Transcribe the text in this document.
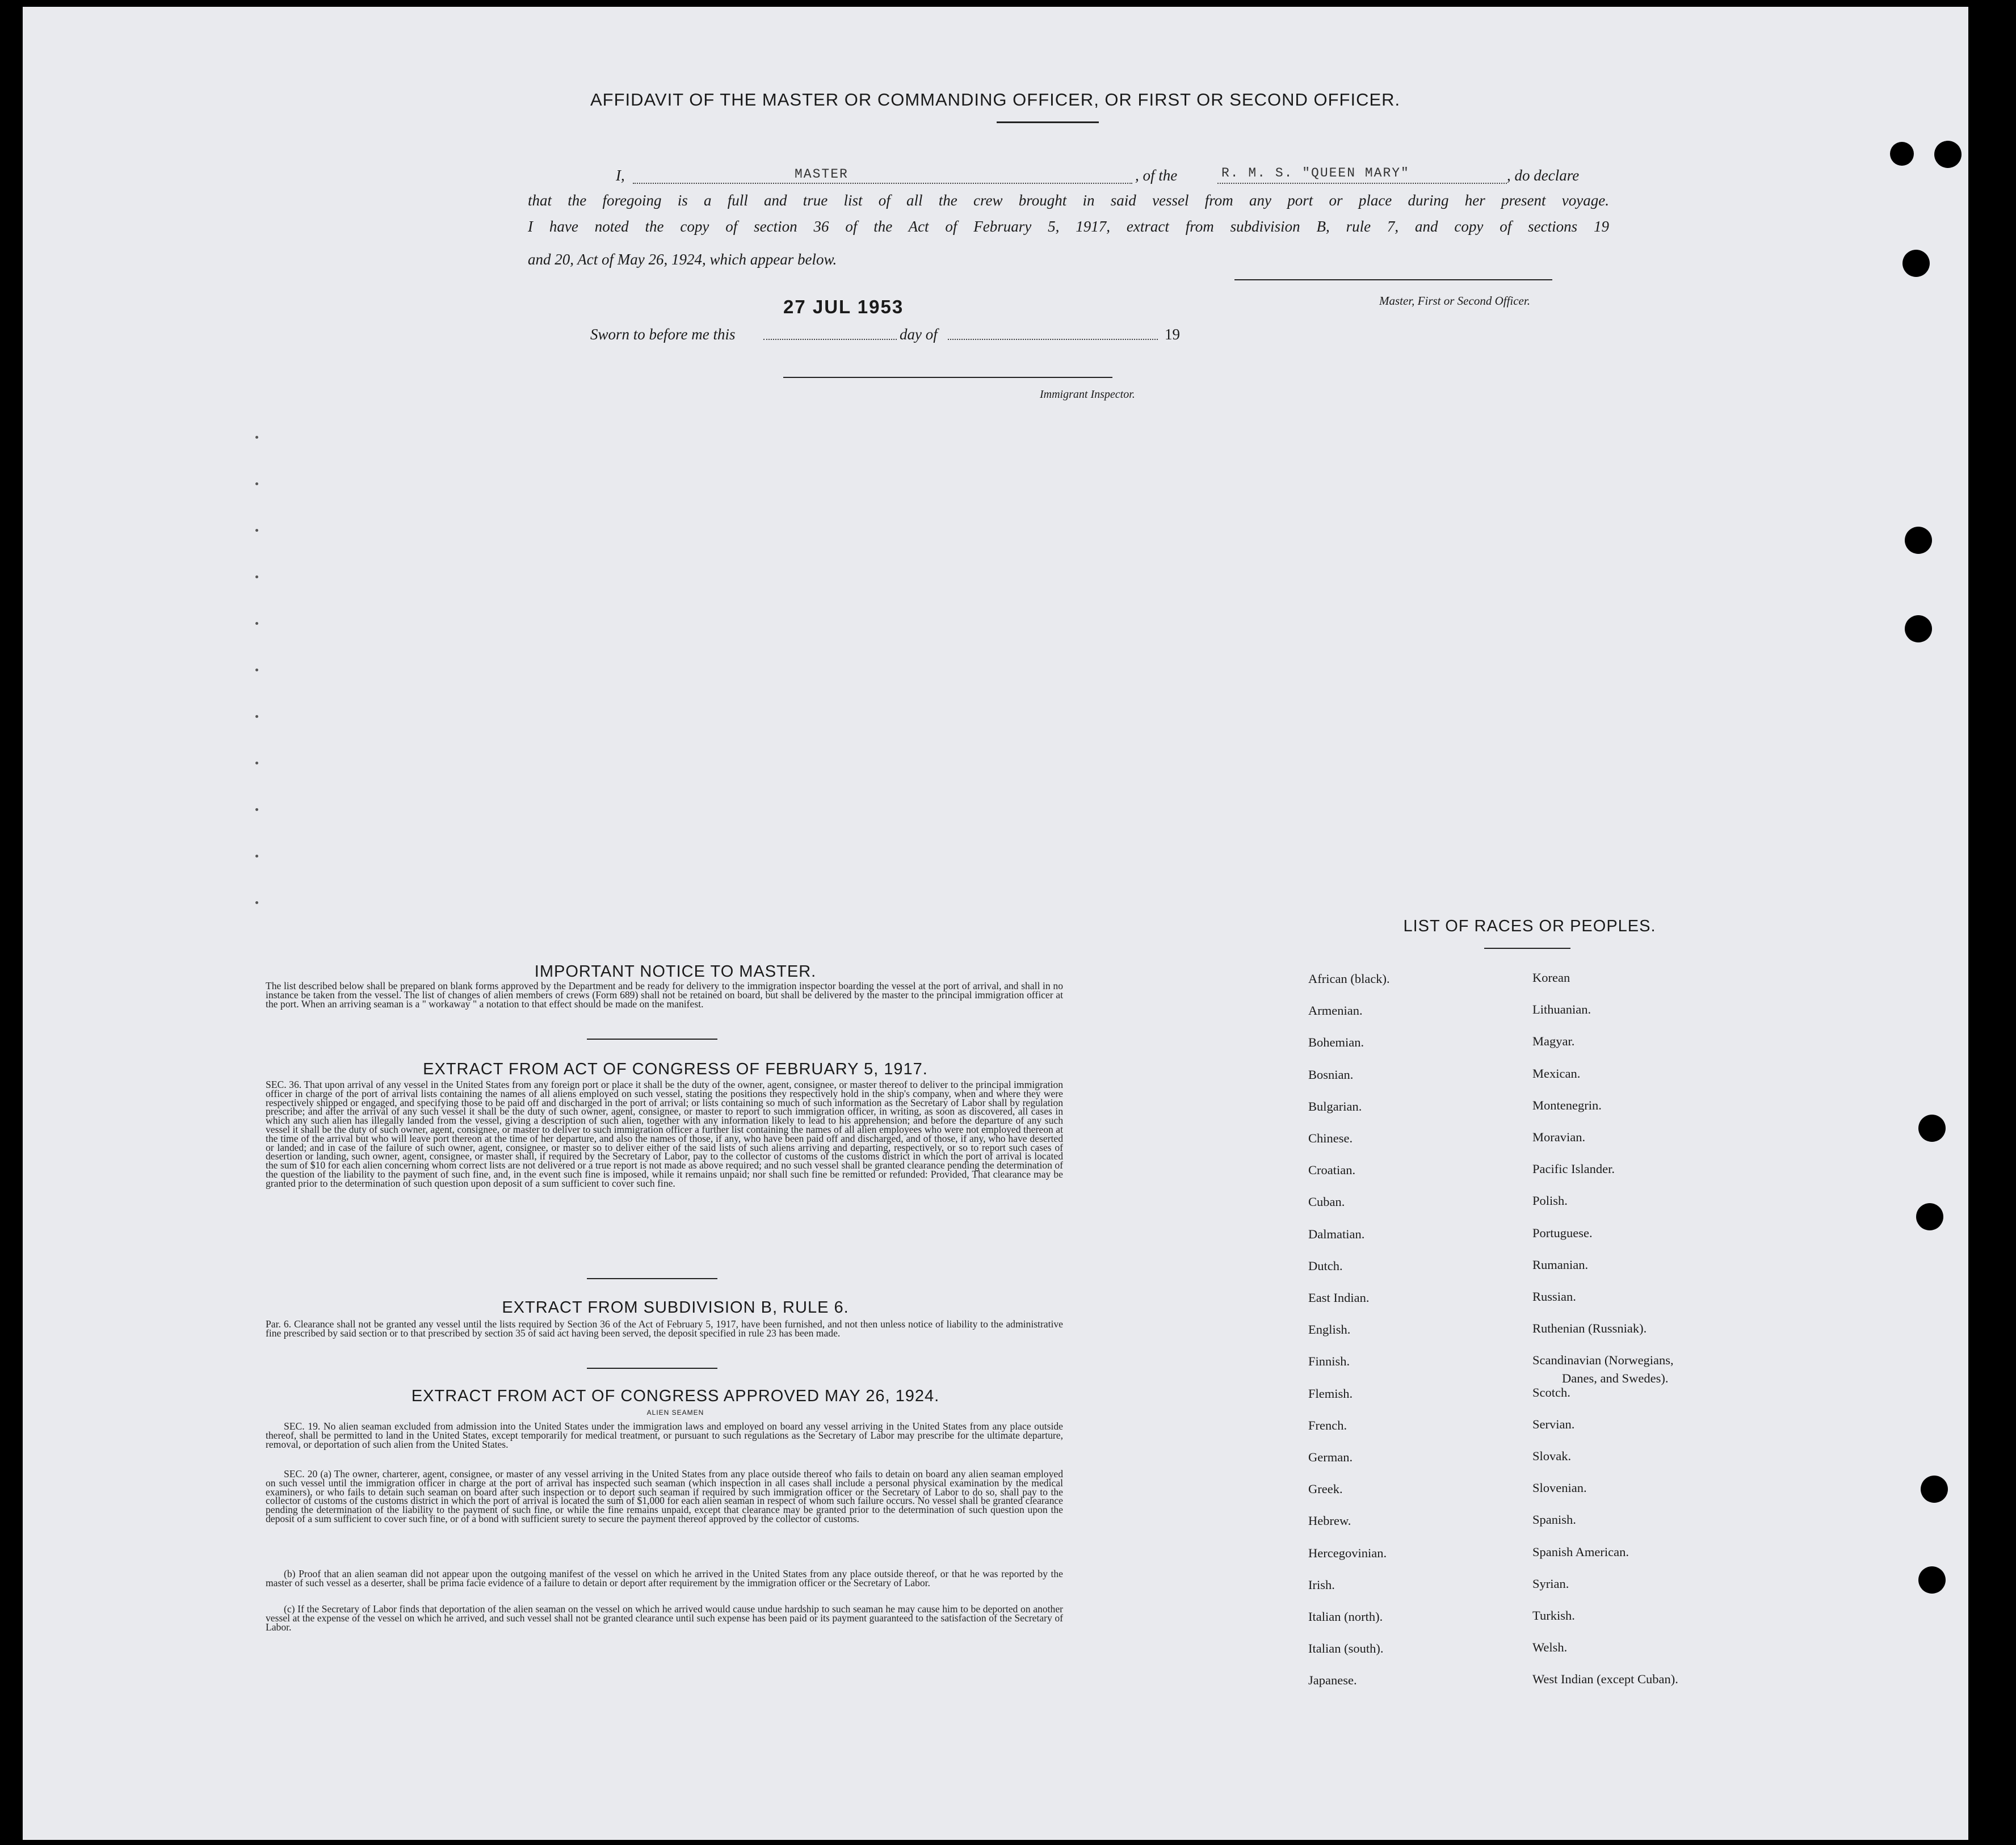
AFFIDAVIT OF THE MASTER OR COMMANDING OFFICER, OR FIRST OR SECOND OFFICER.
I,	MASTER	, of the	R. M. S. "QUEEN MARY"	, do declare
that the foregoing is a full and true list of all the crew brought in said vessel from any port or place during her present voyage.
I have noted the copy of section 36 of the Act of February 5, 1917, extract from subdivision B, rule 7, and copy of sections 19
and 20, Act of May 26, 1924, which appear below.
Master, First or Second Officer.
27 JUL 1953
Sworn to before me this	day of	19
Immigrant Inspector.
IMPORTANT NOTICE TO MASTER.
The list described below shall be prepared on blank forms approved by the Department and be ready for delivery to the immigration inspector boarding the vessel at the port of arrival, and shall in no instance be taken from the vessel. The list of changes of alien members of crews (Form 689) shall not be retained on board, but shall be delivered by the master to the principal immigration officer at the port. When an arriving seaman is a " workaway " a notation to that effect should be made on the manifest.
EXTRACT FROM ACT OF CONGRESS OF FEBRUARY 5, 1917.
SEC. 36. That upon arrival of any vessel in the United States from any foreign port or place it shall be the duty of the owner, agent, consignee, or master thereof to deliver to the principal immigration officer in charge of the port of arrival lists containing the names of all aliens employed on such vessel, stating the positions they respectively hold in the ship's company, when and where they were respectively shipped or engaged, and specifying those to be paid off and discharged in the port of arrival; or lists containing so much of such information as the Secretary of Labor shall by regulation prescribe; and after the arrival of any such vessel it shall be the duty of such owner, agent, consignee, or master to report to such immigration officer, in writing, as soon as discovered, all cases in which any such alien has illegally landed from the vessel, giving a description of such alien, together with any information likely to lead to his apprehension; and before the departure of any such vessel it shall be the duty of such owner, agent, consignee, or master to deliver to such immigration officer a further list containing the names of all alien employees who were not employed thereon at the time of the arrival but who will leave port thereon at the time of her departure, and also the names of those, if any, who have been paid off and discharged, and of those, if any, who have deserted or landed; and in case of the failure of such owner, agent, consignee, or master so to deliver either of the said lists of such aliens arriving and departing, respectively, or so to report such cases of desertion or landing, such owner, agent, consignee, or master shall, if required by the Secretary of Labor, pay to the collector of customs of the customs district in which the port of arrival is located the sum of $10 for each alien concerning whom correct lists are not delivered or a true report is not made as above required; and no such vessel shall be granted clearance pending the determination of the question of the liability to the payment of such fine, and, in the event such fine is imposed, while it remains unpaid; nor shall such fine be remitted or refunded: Provided, That clearance may be granted prior to the determination of such question upon deposit of a sum sufficient to cover such fine.
EXTRACT FROM SUBDIVISION B, RULE 6.
Par. 6. Clearance shall not be granted any vessel until the lists required by Section 36 of the Act of February 5, 1917, have been furnished, and not then unless notice of liability to the administrative fine prescribed by said section or to that prescribed by section 35 of said act having been served, the deposit specified in rule 23 has been made.
EXTRACT FROM ACT OF CONGRESS APPROVED MAY 26, 1924.
ALIEN SEAMEN
SEC. 19. No alien seaman excluded from admission into the United States under the immigration laws and employed on board any vessel arriving in the United States from any place outside thereof, shall be permitted to land in the United States, except temporarily for medical treatment, or pursuant to such regulations as the Secretary of Labor may prescribe for the ultimate departure, removal, or deportation of such alien from the United States.
SEC. 20 (a) The owner, charterer, agent, consignee, or master of any vessel arriving in the United States from any place outside thereof who fails to detain on board any alien seaman employed on such vessel until the immigration officer in charge at the port of arrival has inspected such seaman (which inspection in all cases shall include a personal physical examination by the medical examiners), or who fails to detain such seaman on board after such inspection or to deport such seaman if required by such immigration officer or the Secretary of Labor to do so, shall pay to the collector of customs of the customs district in which the port of arrival is located the sum of $1,000 for each alien seaman in respect of whom such failure occurs. No vessel shall be granted clearance pending the determination of the liability to the payment of such fine, or while the fine remains unpaid, except that clearance may be granted prior to the determination of such question upon the deposit of a sum sufficient to cover such fine, or of a bond with sufficient surety to secure the payment thereof approved by the collector of customs.
(b) Proof that an alien seaman did not appear upon the outgoing manifest of the vessel on which he arrived in the United States from any place outside thereof, or that he was reported by the master of such vessel as a deserter, shall be prima facie evidence of a failure to detain or deport after requirement by the immigration officer or the Secretary of Labor.
(c) If the Secretary of Labor finds that deportation of the alien seaman on the vessel on which he arrived would cause undue hardship to such seaman he may cause him to be deported on another vessel at the expense of the vessel on which he arrived, and such vessel shall not be granted clearance until such expense has been paid or its payment guaranteed to the satisfaction of the Secretary of Labor.
LIST OF RACES OR PEOPLES.
African (black).
Armenian.
Bohemian.
Bosnian.
Bulgarian.
Chinese.
Croatian.
Cuban.
Dalmatian.
Dutch.
East Indian.
English.
Finnish.
Flemish.
French.
German.
Greek.
Hebrew.
Hercegovinian.
Irish.
Italian (north).
Italian (south).
Japanese.
Korean
Lithuanian.
Magyar.
Mexican.
Montenegrin.
Moravian.
Pacific Islander.
Polish.
Portuguese.
Rumanian.
Russian.
Ruthenian (Russniak).
Scandinavian (Norwegians,
Scotch.
Servian.
Slovak.
Slovenian.
Spanish.
Spanish American.
Syrian.
Turkish.
Welsh.
West Indian (except Cuban).
Danes, and Swedes).
